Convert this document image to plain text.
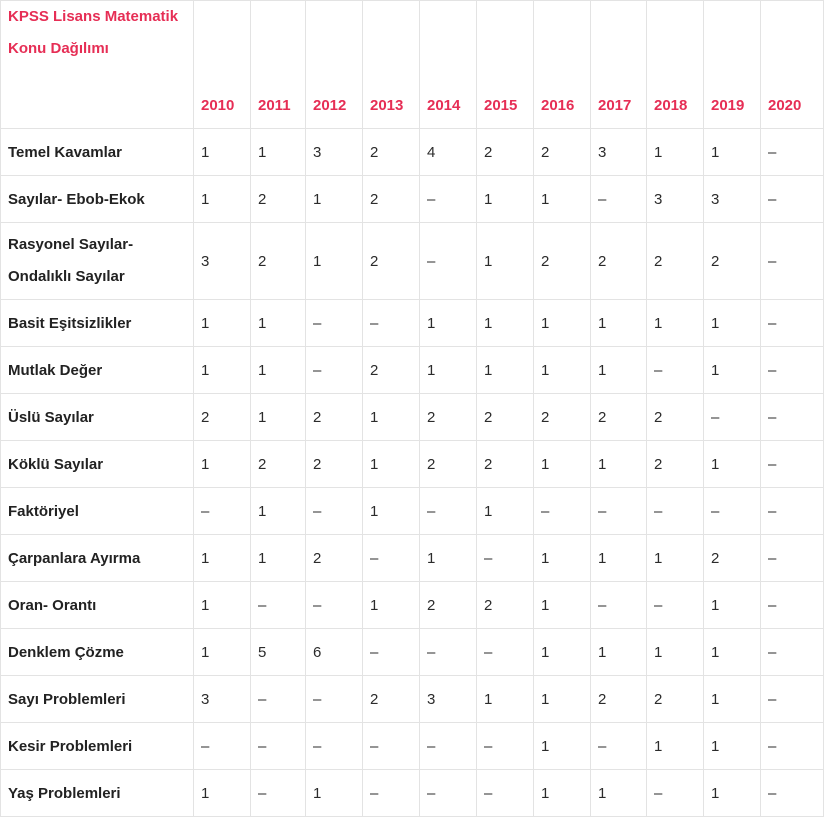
KPSS Lisans Matematik Konu Dağılımı	2010	2011	2012	2013	2014	2015	2016	2017	2018	2019	2020
Temel Kavamlar	1	1	3	2	4	2	2	3	1	1	–
Sayılar- Ebob-Ekok	1	2	1	2	–	1	1	–	3	3	–
Rasyonel Sayılar- Ondalıklı Sayılar	3	2	1	2	–	1	2	2	2	2	–
Basit Eşitsizlikler	1	1	–	–	1	1	1	1	1	1	–
Mutlak Değer	1	1	–	2	1	1	1	1	–	1	–
Üslü Sayılar	2	1	2	1	2	2	2	2	2	–	–
Köklü Sayılar	1	2	2	1	2	2	1	1	2	1	–
Faktöriyel	–	1	–	1	–	1	–	–	–	–	–
Çarpanlara Ayırma	1	1	2	–	1	–	1	1	1	2	–
Oran- Orantı	1	–	–	1	2	2	1	–	–	1	–
Denklem Çözme	1	5	6	–	–	–	1	1	1	1	–
Sayı Problemleri	3	–	–	2	3	1	1	2	2	1	–
Kesir Problemleri	–	–	–	–	–	–	1	–	1	1	–
Yaş Problemleri	1	–	1	–	–	–	1	1	–	1	–
